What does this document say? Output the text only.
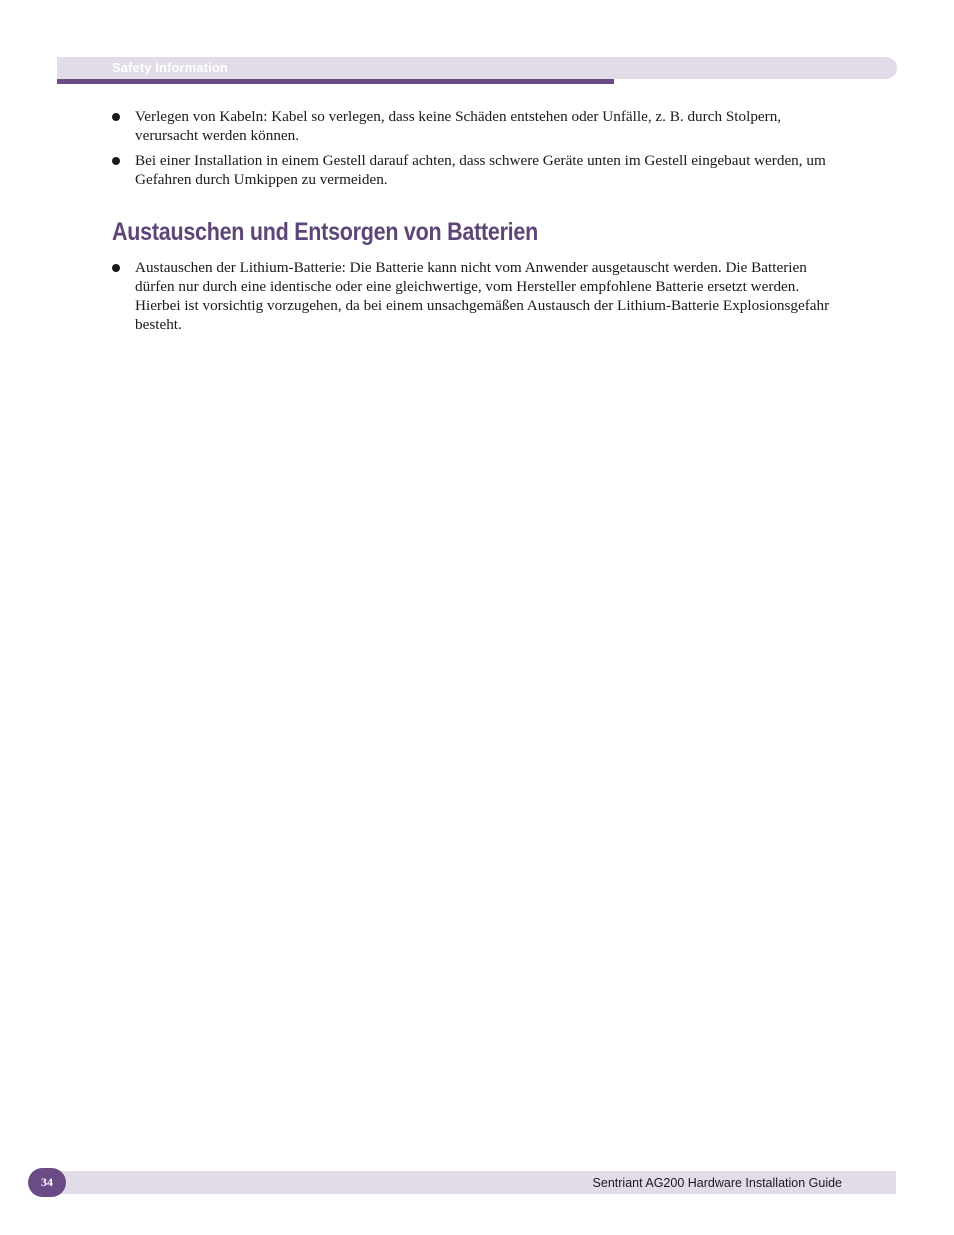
Safety Information
Verlegen von Kabeln: Kabel so verlegen, dass keine Schäden entstehen oder Unfälle, z. B. durch Stolpern, verursacht werden können.
Bei einer Installation in einem Gestell darauf achten, dass schwere Geräte unten im Gestell eingebaut werden, um Gefahren durch Umkippen zu vermeiden.
Austauschen und Entsorgen von Batterien
Austauschen der Lithium-Batterie: Die Batterie kann nicht vom Anwender ausgetauscht werden. Die Batterien dürfen nur durch eine identische oder eine gleichwertige, vom Hersteller empfohlene Batterie ersetzt werden. Hierbei ist vorsichtig vorzugehen, da bei einem unsachgemäßen Austausch der Lithium-Batterie Explosionsgefahr besteht.
34	Sentriant AG200 Hardware Installation Guide
